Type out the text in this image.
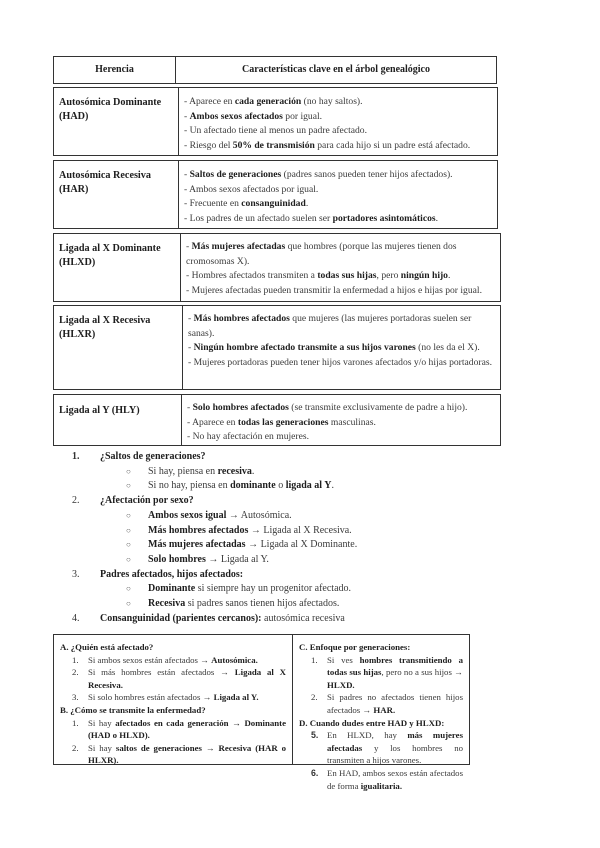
Herencia	Características clave en el árbol genealógico
Autosómica Dominante
(HAD)
- Aparece en cada generación (no hay saltos).
- Ambos sexos afectados por igual.
- Un afectado tiene al menos un padre afectado.
- Riesgo del 50% de transmisión para cada hijo si un padre está afectado.
Autosómica Recesiva
(HAR)
- Saltos de generaciones (padres sanos pueden tener hijos afectados).
- Ambos sexos afectados por igual.
- Frecuente en consanguinidad.
- Los padres de un afectado suelen ser portadores asintomáticos.
Ligada al X Dominante
(HLXD)
- Más mujeres afectadas que hombres (porque las mujeres tienen dos cromosomas X).
- Hombres afectados transmiten a todas sus hijas, pero ningún hijo.
- Mujeres afectadas pueden transmitir la enfermedad a hijos e hijas por igual.
Ligada al X Recesiva
(HLXR)
- Más hombres afectados que mujeres (las mujeres portadoras suelen ser sanas).
- Ningún hombre afectado transmite a sus hijos varones (no les da el X).
- Mujeres portadoras pueden tener hijos varones afectados y/o hijas portadoras.
Ligada al Y (HLY)	- Solo hombres afectados (se transmite exclusivamente de padre a hijo).
- Aparece en todas las generaciones masculinas.
- No hay afectación en mujeres.
1.	¿Saltos de generaciones?
○	Si hay, piensa en recesiva.
○	Si no hay, piensa en dominante o ligada al Y.
2.	¿Afectación por sexo?
○	Ambos sexos igual → Autosómica.
○	Más hombres afectados → Ligada al X Recesiva.
○	Más mujeres afectadas → Ligada al X Dominante.
○	Solo hombres → Ligada al Y.
3.	Padres afectados, hijos afectados:
○	Dominante si siempre hay un progenitor afectado.
○	Recesiva si padres sanos tienen hijos afectados.
4.	Consanguinidad (parientes cercanos): autosómica recesiva
A. ¿Quién está afectado?
1.	Si ambos sexos están afectados → Autosómica.
2.	Si más hombres están afectados → Ligada al X Recesiva.
3.	Si solo hombres están afectados → Ligada al Y.
B. ¿Cómo se transmite la enfermedad?
1.	Si hay afectados en cada generación → Dominante (HAD o HLXD).
2.	Si hay saltos de generaciones → Recesiva (HAR o HLXR).
C. Enfoque por generaciones:
1.	Si ves hombres transmitiendo a todas sus hijas, pero no a sus hijos → HLXD.
2.	Si padres no afectados tienen hijos afectados → HAR.
D. Cuando dudes entre HAD y HLXD:
5. En HLXD, hay más mujeres afectadas y los hombres no transmiten a hijos varones.
6. En HAD, ambos sexos están afectados de forma igualitaria.
